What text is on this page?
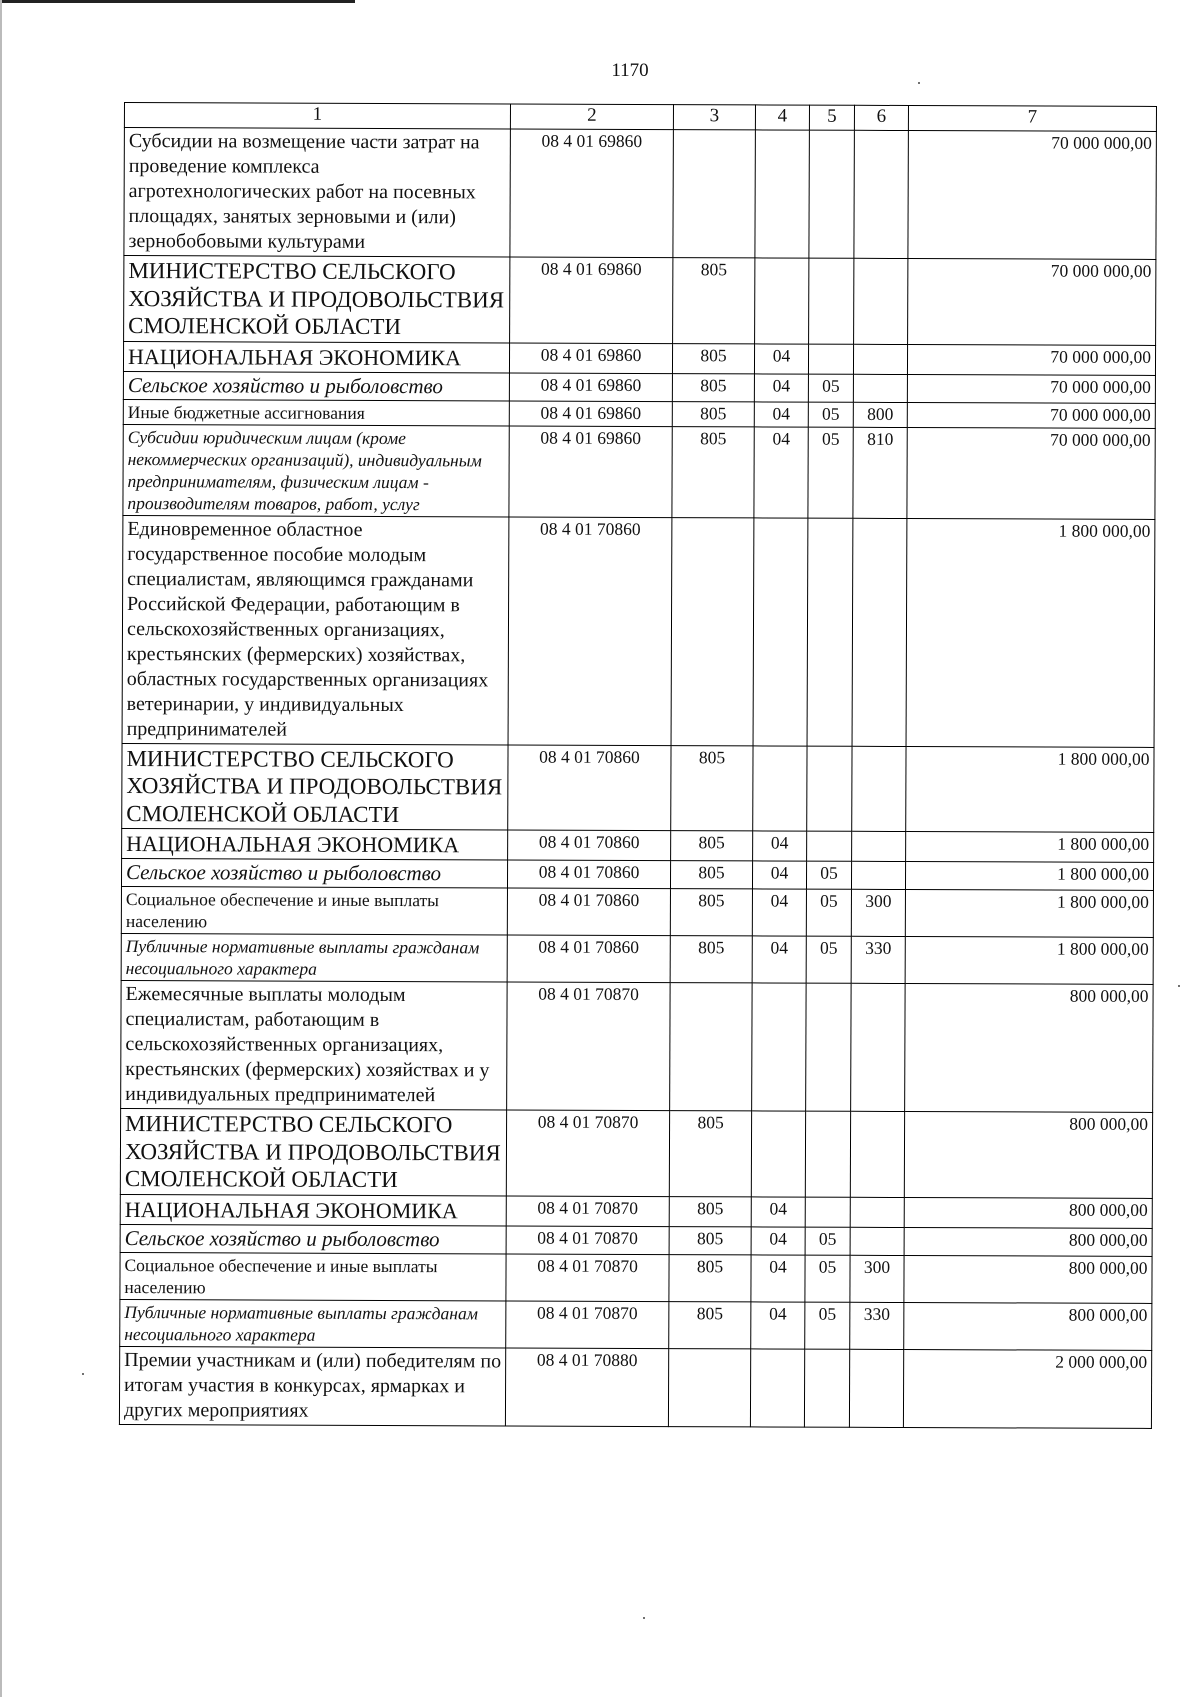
1170
1	2	3	4	5	6	7
Субсидии на возмещение части затрат на проведение комплекса агротехнологических работ на посевных площадях, занятых зерновыми и (или) зернобобовыми культурами	08 4 01 69860					70 000 000,00
МИНИСТЕРСТВО СЕЛЬСКОГО ХОЗЯЙСТВА И ПРОДОВОЛЬСТВИЯ СМОЛЕНСКОЙ ОБЛАСТИ	08 4 01 69860	805				70 000 000,00
НАЦИОНАЛЬНАЯ ЭКОНОМИКА	08 4 01 69860	805	04			70 000 000,00
Сельское хозяйство и рыболовство	08 4 01 69860	805	04	05		70 000 000,00
Иные бюджетные ассигнования	08 4 01 69860	805	04	05	800	70 000 000,00
Субсидии юридическим лицам (кроме некоммерческих организаций), индивидуальным предпринимателям, физическим лицам - производителям товаров, работ, услуг	08 4 01 69860	805	04	05	810	70 000 000,00
Единовременное областное государственное пособие молодым специалистам, являющимся гражданами Российской Федерации, работающим в сельскохозяйственных организациях, крестьянских (фермерских) хозяйствах, областных государственных организациях ветеринарии, у индивидуальных предпринимателей	08 4 01 70860					1 800 000,00
МИНИСТЕРСТВО СЕЛЬСКОГО ХОЗЯЙСТВА И ПРОДОВОЛЬСТВИЯ СМОЛЕНСКОЙ ОБЛАСТИ	08 4 01 70860	805				1 800 000,00
НАЦИОНАЛЬНАЯ ЭКОНОМИКА	08 4 01 70860	805	04			1 800 000,00
Сельское хозяйство и рыболовство	08 4 01 70860	805	04	05		1 800 000,00
Социальное обеспечение и иные выплаты населению	08 4 01 70860	805	04	05	300	1 800 000,00
Публичные нормативные выплаты гражданам несоциального характера	08 4 01 70860	805	04	05	330	1 800 000,00
Ежемесячные выплаты молодым специалистам, работающим в сельскохозяйственных организациях, крестьянских (фермерских) хозяйствах и у индивидуальных предпринимателей	08 4 01 70870					800 000,00
МИНИСТЕРСТВО СЕЛЬСКОГО ХОЗЯЙСТВА И ПРОДОВОЛЬСТВИЯ СМОЛЕНСКОЙ ОБЛАСТИ	08 4 01 70870	805				800 000,00
НАЦИОНАЛЬНАЯ ЭКОНОМИКА	08 4 01 70870	805	04			800 000,00
Сельское хозяйство и рыболовство	08 4 01 70870	805	04	05		800 000,00
Социальное обеспечение и иные выплаты населению	08 4 01 70870	805	04	05	300	800 000,00
Публичные нормативные выплаты гражданам несоциального характера	08 4 01 70870	805	04	05	330	800 000,00
Премии участникам и (или) победителям по итогам участия в конкурсах, ярмарках и других мероприятиях	08 4 01 70880					2 000 000,00
